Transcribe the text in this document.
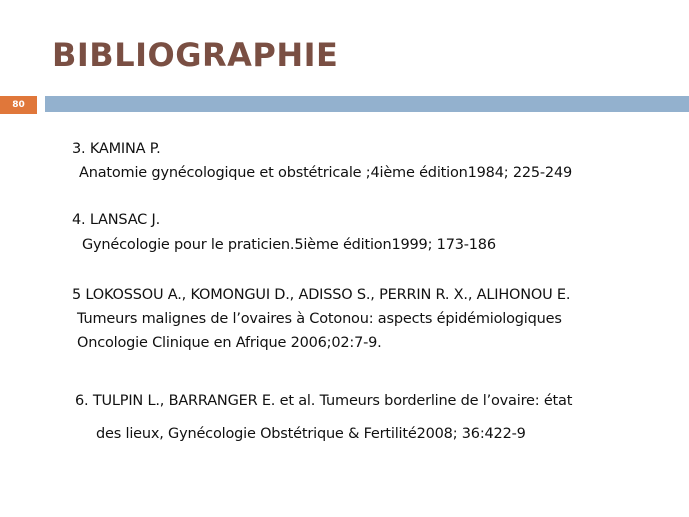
BIBLIOGRAPHIE
80

3. KAMINA P.

Anatomie gynécologique et obstétricale ;4ième édition1984; 225-249

4. LANSAC J.

Gynécologie pour le praticien.5ième édition1999; 173-186

5 LOKOSSOU A., KOMONGUI D., ADISSO S., PERRIN R. X., ALIHONOU E.

Tumeurs malignes de l’ovaires à Cotonou: aspects épidémiologiques

Oncologie Clinique en Afrique 2006;02:7-9.

6. TULPIN L., BARRANGER E. et al. Tumeurs borderline de l’ovaire: état

des lieux, Gynécologie Obstétrique & Fertilité2008; 36:422-9
